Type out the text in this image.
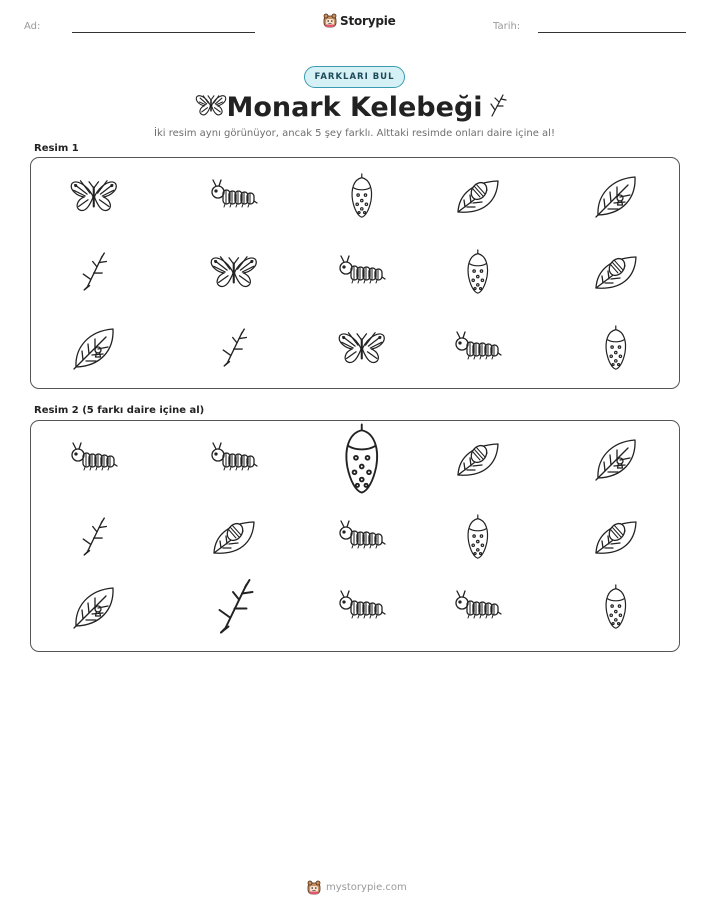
Ad:	Storypie	Tarih:
FARKLARI BUL
Monark Kelebeği
İki resim aynı görünüyor, ancak 5 şey farklı. Alttaki resimde onları daire içine al!
Resim 1
Resim 2 (5 farkı daire içine al)
mystorypie.com
